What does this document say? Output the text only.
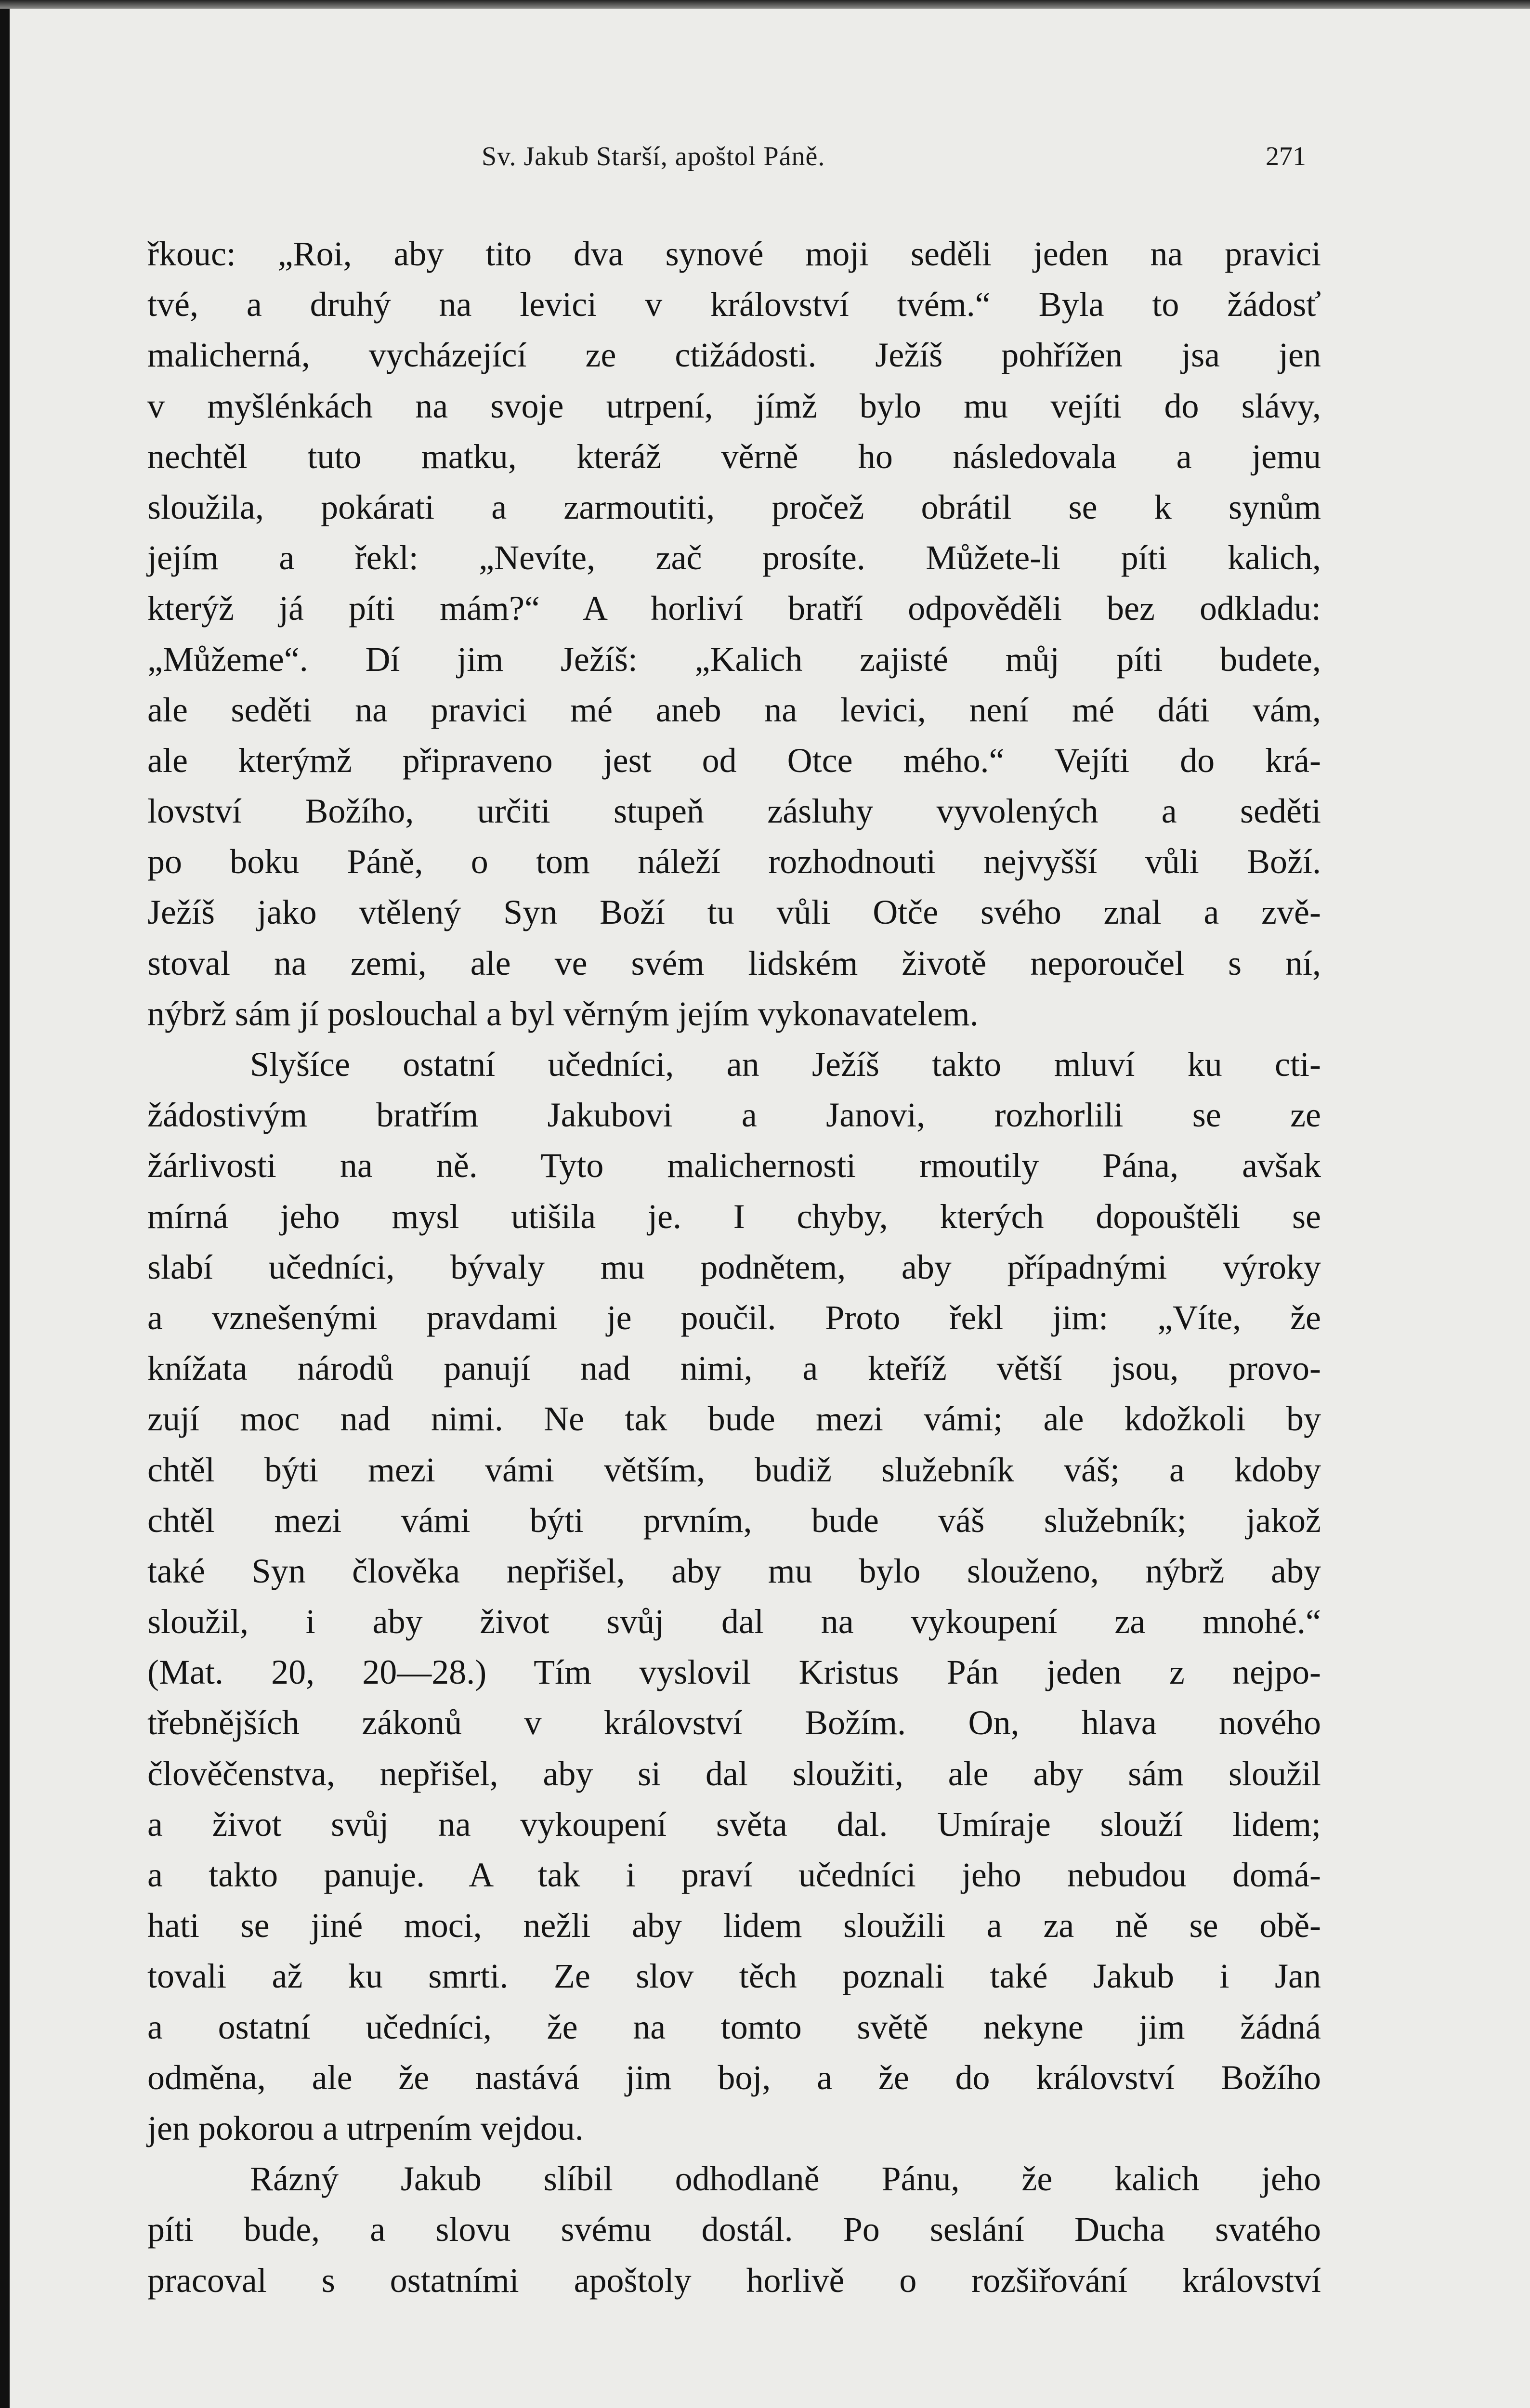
Sv. Jakub Starší, apoštol Páně.	271
řkouc: „Roi, aby tito dva synové moji seděli jeden na pravici
tvé, a druhý na levici v království tvém.“ Byla to žádosť
malicherná, vycházející ze ctižádosti. Ježíš pohřížen jsa jen
v myšlénkách na svoje utrpení, jímž bylo mu vejíti do slávy,
nechtěl tuto matku, kteráž věrně ho následovala a jemu
sloužila, pokárati a zarmoutiti, pročež obrátil se k synům
jejím a řekl: „Nevíte, zač prosíte. Můžete-li píti kalich,
kterýž já píti mám?“ A horliví bratří odpověděli bez odkladu:
„Můžeme“. Dí jim Ježíš: „Kalich zajisté můj píti budete,
ale seděti na pravici mé aneb na levici, není mé dáti vám,
ale kterýmž připraveno jest od Otce mého.“ Vejíti do krá-
lovství Božího, určiti stupeň zásluhy vyvolených a seděti
po boku Páně, o tom náleží rozhodnouti nejvyšší vůli Boží.
Ježíš jako vtělený Syn Boží tu vůli Otče svého znal a zvě-
stoval na zemi, ale ve svém lidském životě neporoučel s ní,
nýbrž sám jí poslouchal a byl věrným jejím vykonavatelem.
Slyšíce ostatní učedníci, an Ježíš takto mluví ku cti-
žádostivým bratřím Jakubovi a Janovi, rozhorlili se ze
žárlivosti na ně. Tyto malichernosti rmoutily Pána, avšak
mírná jeho mysl utišila je. I chyby, kterých dopouštěli se
slabí učedníci, bývaly mu podnětem, aby případnými výroky
a vznešenými pravdami je poučil. Proto řekl jim: „Víte, že
knížata národů panují nad nimi, a kteříž větší jsou, provo-
zují moc nad nimi. Ne tak bude mezi vámi; ale kdožkoli by
chtěl býti mezi vámi větším, budiž služebník váš; a kdoby
chtěl mezi vámi býti prvním, bude váš služebník; jakož
také Syn člověka nepřišel, aby mu bylo slouženo, nýbrž aby
sloužil, i aby život svůj dal na vykoupení za mnohé.“
(Mat. 20, 20—28.) Tím vyslovil Kristus Pán jeden z nejpo-
třebnějších zákonů v království Božím. On, hlava nového
člověčenstva, nepřišel, aby si dal sloužiti, ale aby sám sloužil
a život svůj na vykoupení světa dal. Umíraje slouží lidem;
a takto panuje. A tak i praví učedníci jeho nebudou domá-
hati se jiné moci, nežli aby lidem sloužili a za ně se obě-
tovali až ku smrti. Ze slov těch poznali také Jakub i Jan
a ostatní učedníci, že na tomto světě nekyne jim žádná
odměna, ale že nastává jim boj, a že do království Božího
jen pokorou a utrpením vejdou.
Rázný Jakub slíbil odhodlaně Pánu, že kalich jeho
píti bude, a slovu svému dostál. Po seslání Ducha svatého
pracoval s ostatními apoštoly horlivě o rozšiřování království
